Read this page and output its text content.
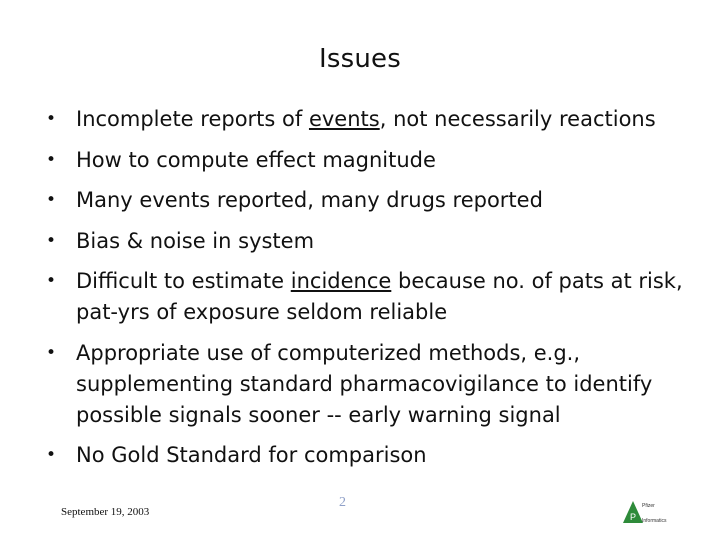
Issues
• Incomplete reports of events, not necessarily reactions
• How to compute effect magnitude
• Many events reported, many drugs reported
• Bias & noise in system
• Difficult to estimate incidence because no. of pats at risk, pat-yrs of exposure seldom reliable
• Appropriate use of computerized methods, e.g., supplementing standard pharmacovigilance to identify possible signals sooner -- early warning signal
• No Gold Standard for comparison
September 19, 2003
2
P
Pfizer
Informatics
